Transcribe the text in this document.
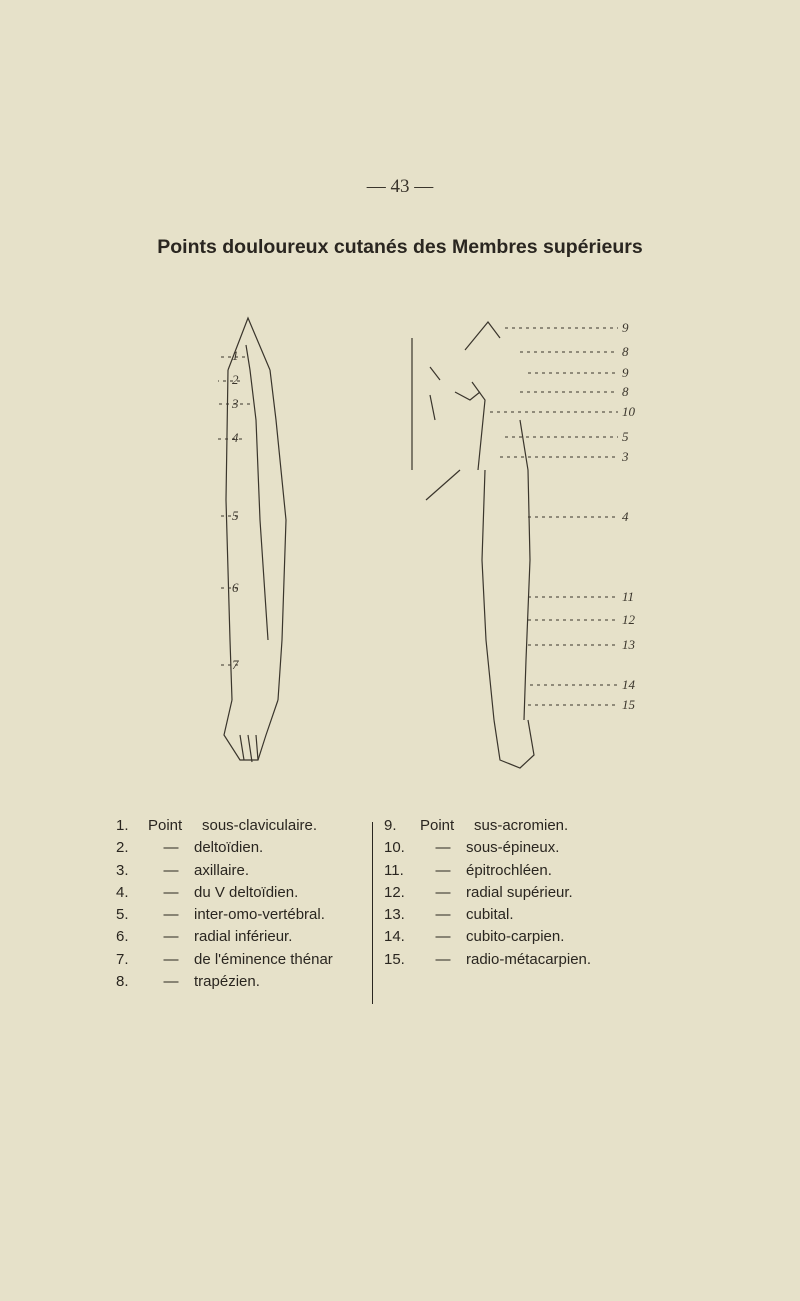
— 43 —
Points douloureux cutanés des Membres supérieurs
1
2
3
4
5
6
7
9
8
9
8
10
5
3
4
11
12
13
14
15
1.	Point	sous-claviculaire.
2.	—	deltoïdien.
3.	—	axillaire.
4.	—	du V deltoïdien.
5.	—	inter-omo-vertébral.
6.	—	radial inférieur.
7.	—	de l'éminence thénar
8.	—	trapézien.
9.	Point	sus-acromien.
10.	—	sous-épineux.
11.	—	épitrochléen.
12.	—	radial supérieur.
13.	—	cubital.
14.	—	cubito-carpien.
15.	—	radio-métacarpien.
